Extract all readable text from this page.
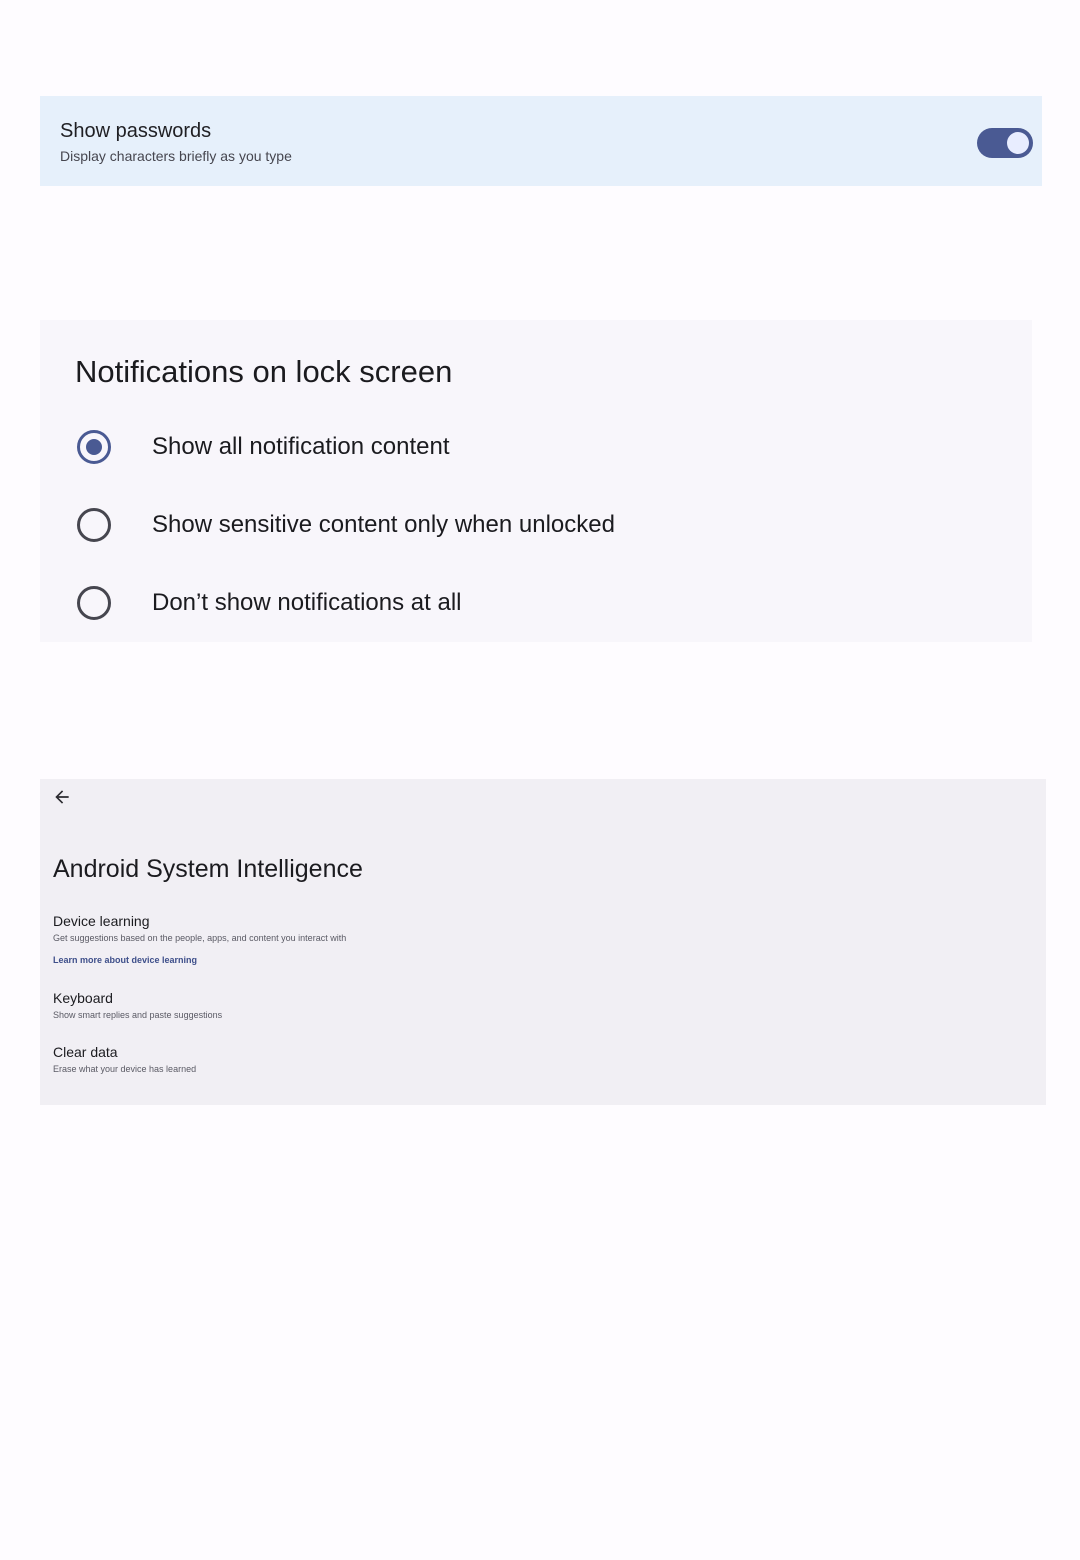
Show passwords
Display characters briefly as you type
Notifications on lock screen
Show all notification content
Show sensitive content only when unlocked
Don’t show notifications at all
Android System Intelligence
Device learning
Get suggestions based on the people, apps, and content you interact with
Learn more about device learning
Keyboard
Show smart replies and paste suggestions
Clear data
Erase what your device has learned
